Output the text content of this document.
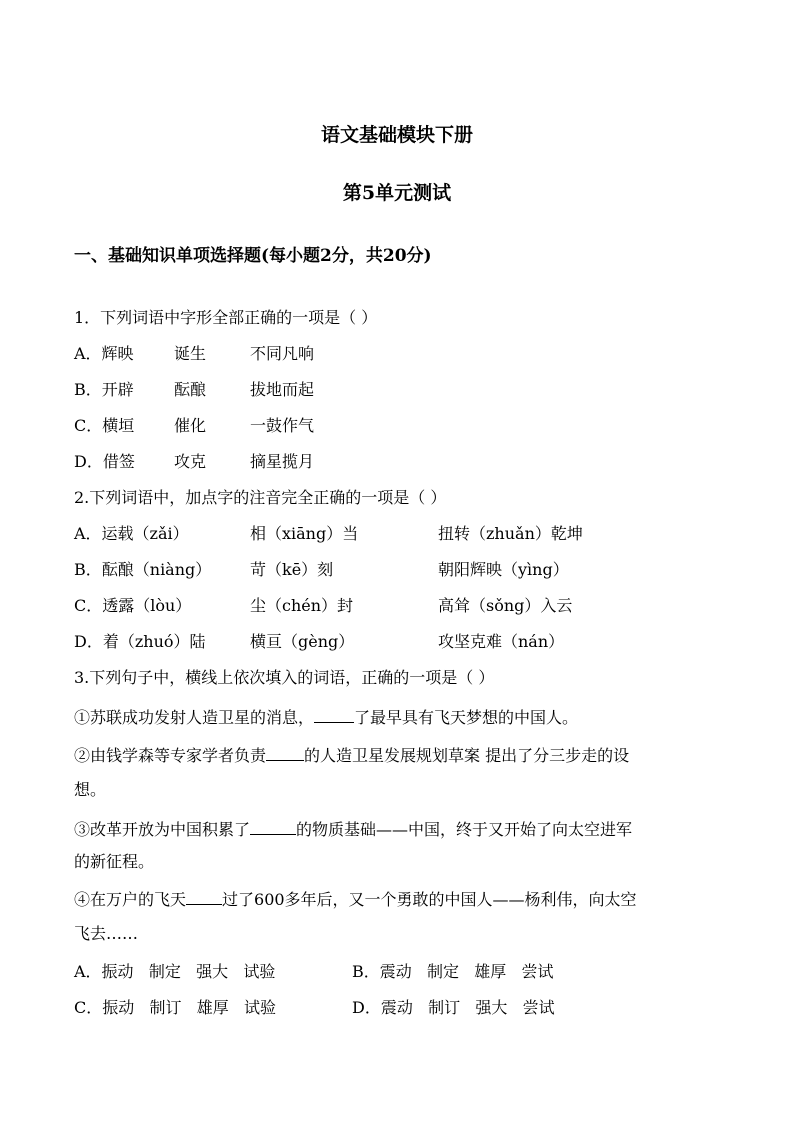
语文基础模块下册
第5单元测试
一、基础知识单项选择题(每小题2分，共20分)
1．下列词语中字形全部正确的一项是（ ）
A．辉映	诞生	不同凡响
B．开辟	酝酿	拔地而起
C．横垣 催化	一鼓作气
D．借签 攻克	摘星揽月
2.下列词语中，加点字的注音完全正确的一项是（ ）
A．运载（zǎi）	相（xiāng）当	扭转（zhuǎn）乾坤
B．酝酿（niàng） 苛（kē）刻	朝阳辉映（yìng）
C．透露（lòu）	尘（chén）封	高耸（sǒng）入云
D．着（zhuó）陆	横亘（gèng）	攻坚克难（nán）
3.下列句子中，横线上依次填入的词语，正确的一项是（ ）
①苏联成功发射人造卫星的消息，	了最早具有飞天梦想的中国人。
②由钱学森等专家学者负责 的人造卫星发展规划草案 提出了分三步走的设
想。
③改革开放为中国积累了	的物质基础——中国，终于又开始了向太空进军
的新征程。
④在万户的飞天 过了600多年后，又一个勇敢的中国人——杨利伟，向太空
飞去……
A．振动   制定   强大   试验	B．震动   制定   雄厚   尝试
C．振动   制订   雄厚   试验	D．震动   制订   强大   尝试
